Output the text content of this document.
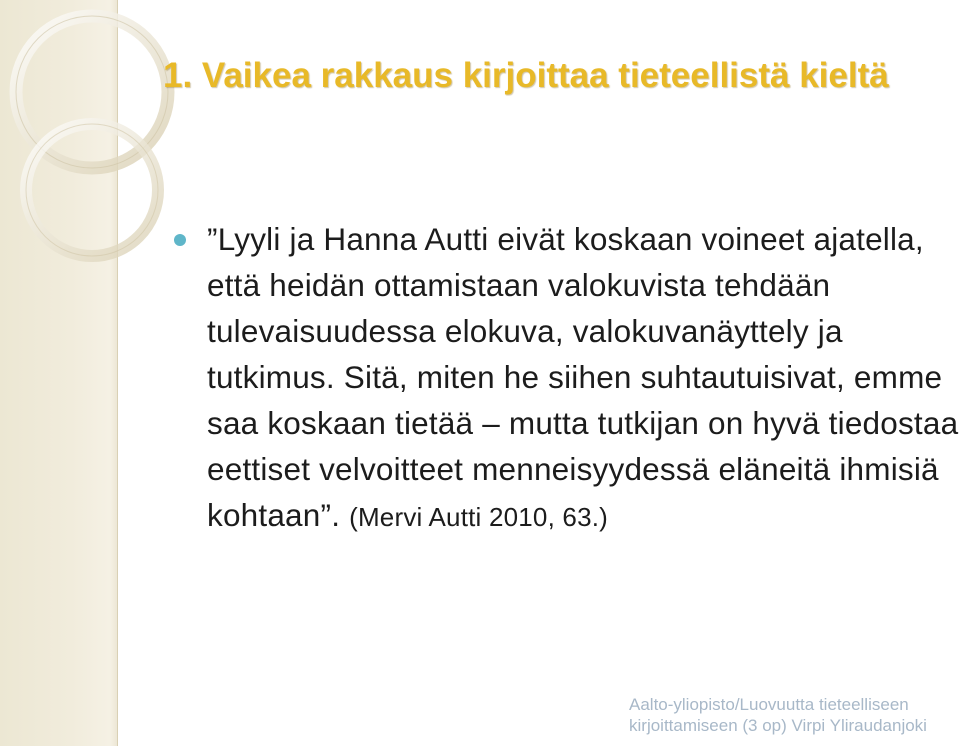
1. Vaikea rakkaus kirjoittaa tieteellistä kieltä

”Lyyli ja Hanna Autti eivät koskaan voineet ajatella, että heidän ottamistaan valokuvista tehdään tulevaisuudessa elokuva, valokuvanäyttely ja tutkimus. Sitä, miten he siihen suhtautuisivat, emme saa koskaan tietää – mutta tutkijan on hyvä tiedostaa eettiset velvoitteet menneisyydessä eläneitä ihmisiä kohtaan”. (Mervi Autti 2010, 63.)

Aalto-yliopisto/Luovuutta tieteelliseen
kirjoittamiseen (3 op) Virpi Yliraudanjoki
